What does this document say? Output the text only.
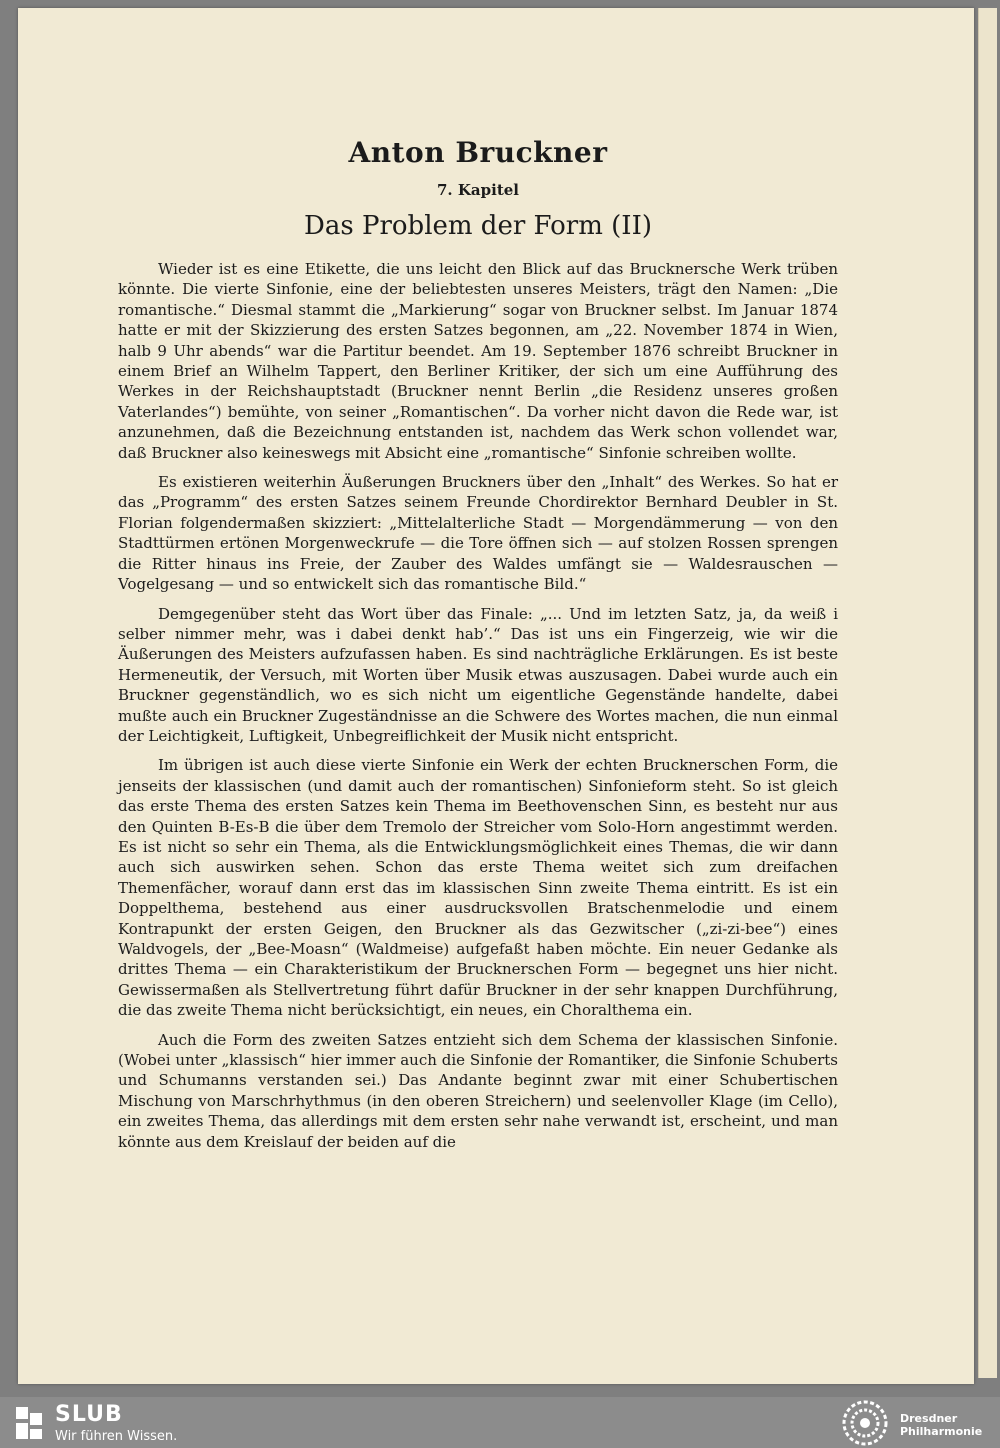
Anton Bruckner
7. Kapitel
Das Problem der Form (II)

Wieder ist es eine Etikette, die uns leicht den Blick auf das Brucknersche Werk trüben könnte. Die vierte Sinfonie, eine der beliebtesten unseres Meisters, trägt den Namen: „Die romantische.“ Diesmal stammt die „Markierung“ sogar von Bruckner selbst. Im Januar 1874 hatte er mit der Skizzierung des ersten Satzes begonnen, am „22. November 1874 in Wien, halb 9 Uhr abends“ war die Partitur beendet. Am 19. September 1876 schreibt Bruckner in einem Brief an Wilhelm Tappert, den Berliner Kritiker, der sich um eine Aufführung des Werkes in der Reichshauptstadt (Bruckner nennt Berlin „die Residenz unseres großen Vaterlandes“) bemühte, von seiner „Romantischen“. Da vorher nicht davon die Rede war, ist anzunehmen, daß die Bezeichnung entstanden ist, nachdem das Werk schon vollendet war, daß Bruckner also keineswegs mit Absicht eine „romantische“ Sinfonie schreiben wollte.

Es existieren weiterhin Äußerungen Bruckners über den „Inhalt“ des Werkes. So hat er das „Programm“ des ersten Satzes seinem Freunde Chordirektor Bernhard Deubler in St. Florian folgendermaßen skizziert: „Mittelalterliche Stadt — Morgendämmerung — von den Stadttürmen ertönen Morgenweckrufe — die Tore öffnen sich — auf stolzen Rossen sprengen die Ritter hinaus ins Freie, der Zauber des Waldes umfängt sie — Waldesrauschen — Vogelgesang — und so entwickelt sich das romantische Bild.“

Demgegenüber steht das Wort über das Finale: „... Und im letzten Satz, ja, da weiß i selber nimmer mehr, was i dabei denkt hab’.“ Das ist uns ein Fingerzeig, wie wir die Äußerungen des Meisters aufzufassen haben. Es sind nachträgliche Erklärungen. Es ist beste Hermeneutik, der Versuch, mit Worten über Musik etwas auszusagen. Dabei wurde auch ein Bruckner gegenständlich, wo es sich nicht um eigentliche Gegenstände handelte, dabei mußte auch ein Bruckner Zugeständnisse an die Schwere des Wortes machen, die nun einmal der Leichtigkeit, Luftigkeit, Unbegreiflichkeit der Musik nicht entspricht.

Im übrigen ist auch diese vierte Sinfonie ein Werk der echten Brucknerschen Form, die jenseits der klassischen (und damit auch der romantischen) Sinfonieform steht. So ist gleich das erste Thema des ersten Satzes kein Thema im Beethovenschen Sinn, es besteht nur aus den Quinten B-Es-B die über dem Tremolo der Streicher vom Solo-Horn angestimmt werden. Es ist nicht so sehr ein Thema, als die Entwicklungsmöglichkeit eines Themas, die wir dann auch sich auswirken sehen. Schon das erste Thema weitet sich zum dreifachen Themenfächer, worauf dann erst das im klassischen Sinn zweite Thema eintritt. Es ist ein Doppelthema, bestehend aus einer ausdrucksvollen Bratschenmelodie und einem Kontrapunkt der ersten Geigen, den Bruckner als das Gezwitscher („zi-zi-bee“) eines Waldvogels, der „Bee-Moasn“ (Waldmeise) aufgefaßt haben möchte. Ein neuer Gedanke als drittes Thema — ein Charakteristikum der Brucknerschen Form — begegnet uns hier nicht. Gewissermaßen als Stellvertretung führt dafür Bruckner in der sehr knappen Durchführung, die das zweite Thema nicht berücksichtigt, ein neues, ein Choralthema ein.

Auch die Form des zweiten Satzes entzieht sich dem Schema der klassischen Sinfonie. (Wobei unter „klassisch“ hier immer auch die Sinfonie der Romantiker, die Sinfonie Schuberts und Schumanns verstanden sei.) Das Andante beginnt zwar mit einer Schubertischen Mischung von Marschrhythmus (in den oberen Streichern) und seelenvoller Klage (im Cello), ein zweites Thema, das allerdings mit dem ersten sehr nahe verwandt ist, erscheint, und man könnte aus dem Kreislauf der beiden auf die

SLUB
Wir führen Wissen.
Dresdner
Philharmonie
